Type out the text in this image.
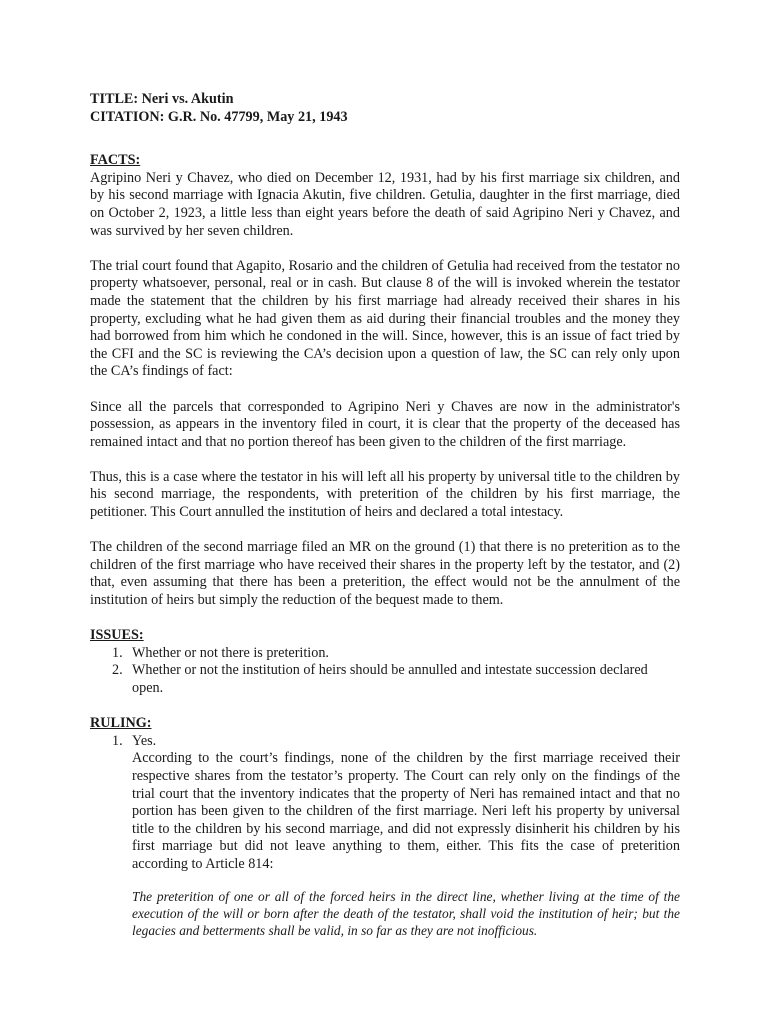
TITLE: Neri vs. Akutin
CITATION: G.R. No. 47799, May 21, 1943
FACTS:

Agripino Neri y Chavez, who died on December 12, 1931, had by his first marriage six children, and by his second marriage with Ignacia Akutin, five children. Getulia, daughter in the first marriage, died on October 2, 1923, a little less than eight years before the death of said Agripino Neri y Chavez, and was survived by her seven children.

The trial court found that Agapito, Rosario and the children of Getulia had received from the testator no property whatsoever, personal, real or in cash. But clause 8 of the will is invoked wherein the testator made the statement that the children by his first marriage had already received their shares in his property, excluding what he had given them as aid during their financial troubles and the money they had borrowed from him which he condoned in the will. Since, however, this is an issue of fact tried by the CFI and the SC is reviewing the CA’s decision upon a question of law, the SC can rely only upon the CA’s findings of fact:

Since all the parcels that corresponded to Agripino Neri y Chaves are now in the administrator's possession, as appears in the inventory filed in court, it is clear that the property of the deceased has remained intact and that no portion thereof has been given to the children of the first marriage.

Thus, this is a case where the testator in his will left all his property by universal title to the children by his second marriage, the respondents, with preterition of the children by his first marriage, the petitioner. This Court annulled the institution of heirs and declared a total intestacy.

The children of the second marriage filed an MR on the ground (1) that there is no preterition as to the children of the first marriage who have received their shares in the property left by the testator, and (2) that, even assuming that there has been a preterition, the effect would not be the annulment of the institution of heirs but simply the reduction of the bequest made to them.

ISSUES:
1. Whether or not there is preterition.
2. Whether or not the institution of heirs should be annulled and intestate succession declared open.
RULING:
1. Yes.
According to the court’s findings, none of the children by the first marriage received their respective shares from the testator’s property. The Court can rely only on the findings of the trial court that the inventory indicates that the property of Neri has remained intact and that no portion has been given to the children of the first marriage. Neri left his property by universal title to the children by his second marriage, and did not expressly disinherit his children by his first marriage but did not leave anything to them, either. This fits the case of preterition according to Article 814:
The preterition of one or all of the forced heirs in the direct line, whether living at the time of the execution of the will or born after the death of the testator, shall void the institution of heir; but the legacies and betterments shall be valid, in so far as they are not inofficious.
